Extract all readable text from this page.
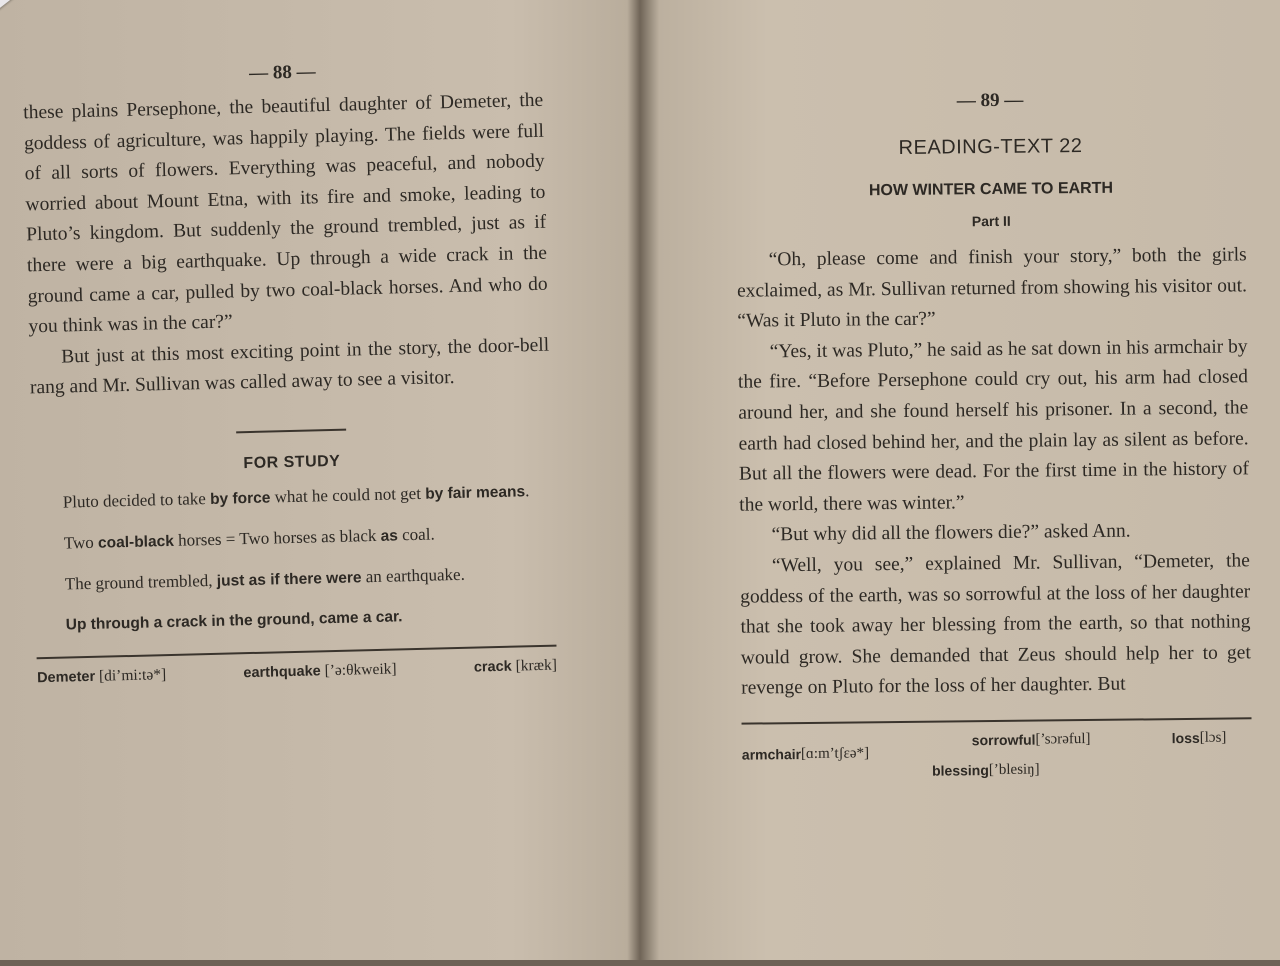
— 88 —

these plains Persephone, the beautiful daughter of Demeter, the goddess of agriculture, was happily playing. The fields were full of all sorts of flowers. Everything was peaceful, and nobody worried about Mount Etna, with its fire and smoke, leading to Pluto’s kingdom. But suddenly the ground trembled, just as if there were a big earthquake. Up through a wide crack in the ground came a car, pulled by two coal-black horses. And who do you think was in the car?”

But just at this most exciting point in the story, the door-bell rang and Mr. Sullivan was called away to see a visitor.

FOR STUDY
Pluto decided to take by force what he could not get by fair means.
Two coal-black horses = Two horses as black as coal.
The ground trembled, just as if there were an earthquake.
Up through a crack in the ground, came a car.
Demeter [di’mi:tə*]	earthquake [’ə:θkweik]	crack [kræk]
— 89 —
READING-TEXT 22
HOW WINTER CAME TO EARTH
Part II

“Oh, please come and finish your story,” both the girls exclaimed, as Mr. Sullivan returned from showing his visitor out. “Was it Pluto in the car?”

“Yes, it was Pluto,” he said as he sat down in his armchair by the fire. “Before Persephone could cry out, his arm had closed around her, and she found herself his prisoner. In a second, the earth had closed behind her, and the plain lay as silent as before. But all the flowers were dead. For the first time in the history of the world, there was winter.”

“But why did all the flowers die?” asked Ann.

“Well, you see,” explained Mr. Sullivan, “Demeter, the goddess of the earth, was so sorrowful at the loss of her daughter that she took away her blessing from the earth, so that nothing would grow. She demanded that Zeus should help her to get revenge on Pluto for the loss of her daughter. But

armchair [ɑ:m’tʃɛə*]
sorrowful [’sɔrəful]	loss [lɔs]
blessing [’blesiŋ]
